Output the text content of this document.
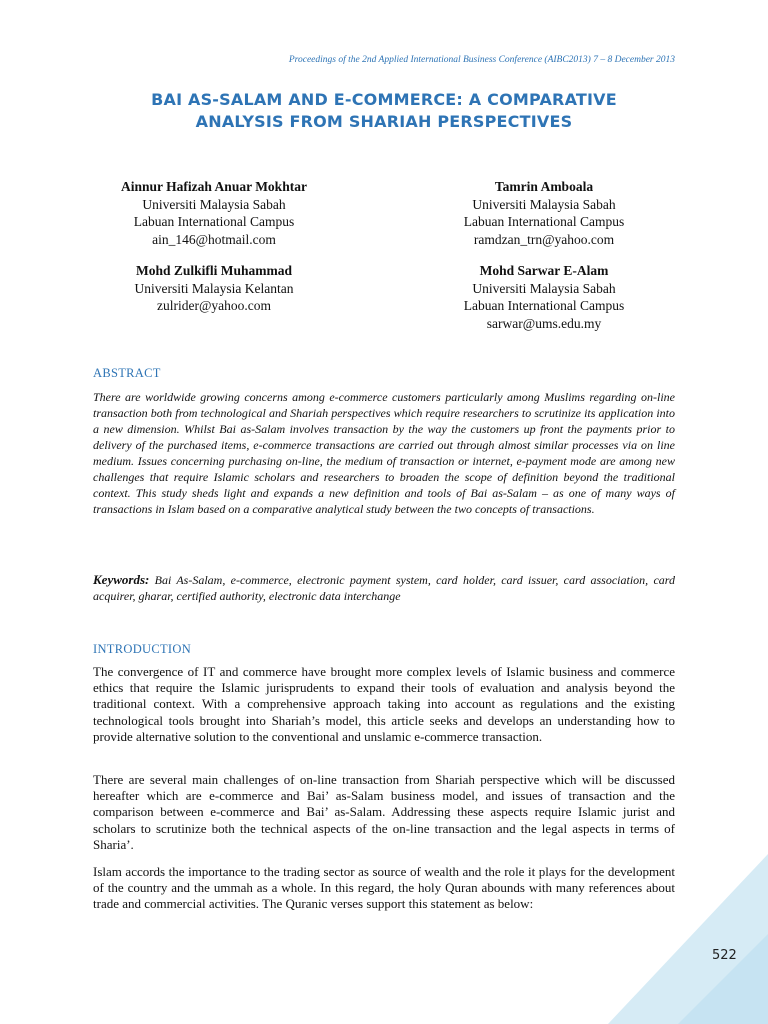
Proceedings of the 2nd Applied International Business Conference (AIBC2013) 7 – 8 December 2013
BAI AS-SALAM AND E-COMMERCE: A COMPARATIVE
ANALYSIS FROM SHARIAH PERSPECTIVES
Ainnur Hafizah Anuar Mokhtar
Universiti Malaysia Sabah
Labuan International Campus
ain_146@hotmail.com
Tamrin Amboala
Universiti Malaysia Sabah
Labuan International Campus
ramdzan_trn@yahoo.com
Mohd Zulkifli Muhammad
Universiti Malaysia Kelantan
zulrider@yahoo.com
Mohd Sarwar E-Alam
Universiti Malaysia Sabah
Labuan International Campus
sarwar@ums.edu.my
ABSTRACT
There are worldwide growing concerns among e-commerce customers particularly among Muslims regarding on-line transaction both from technological and Shariah perspectives which require researchers to scrutinize its application into a new dimension. Whilst Bai as-Salam involves transaction by the way the customers up front the payments prior to delivery of the purchased items, e-commerce transactions are carried out through almost similar processes via on line medium. Issues concerning purchasing on-line, the medium of transaction or internet, e-payment mode are among new challenges that require Islamic scholars and researchers to broaden the scope of definition beyond the traditional context. This study sheds light and expands a new definition and tools of Bai as-Salam – as one of many ways of transactions in Islam based on a comparative analytical study between the two concepts of transactions.
Keywords: Bai As-Salam, e-commerce, electronic payment system, card holder, card issuer, card association, card acquirer, gharar, certified authority, electronic data interchange
INTRODUCTION
The convergence of IT and commerce have brought more complex levels of Islamic business and commerce ethics that require the Islamic jurisprudents to expand their tools of evaluation and analysis beyond the traditional context. With a comprehensive approach taking into account as regulations and the existing technological tools brought into Shariah’s model, this article seeks and develops an understanding how to provide alternative solution to the conventional and unslamic e-commerce transaction.
There are several main challenges of on-line transaction from Shariah perspective which will be discussed hereafter which are e-commerce and Bai’ as-Salam business model, and issues of transaction and the comparison between e-commerce and Bai’ as-Salam. Addressing these aspects require Islamic jurist and scholars to scrutinize both the technical aspects of the on-line transaction and the legal aspects in terms of Sharia’.
Islam accords the importance to the trading sector as source of wealth and the role it plays for the development of the country and the ummah as a whole. In this regard, the holy Quran abounds with many references about trade and commercial activities. The Quranic verses support this statement as below:
522
